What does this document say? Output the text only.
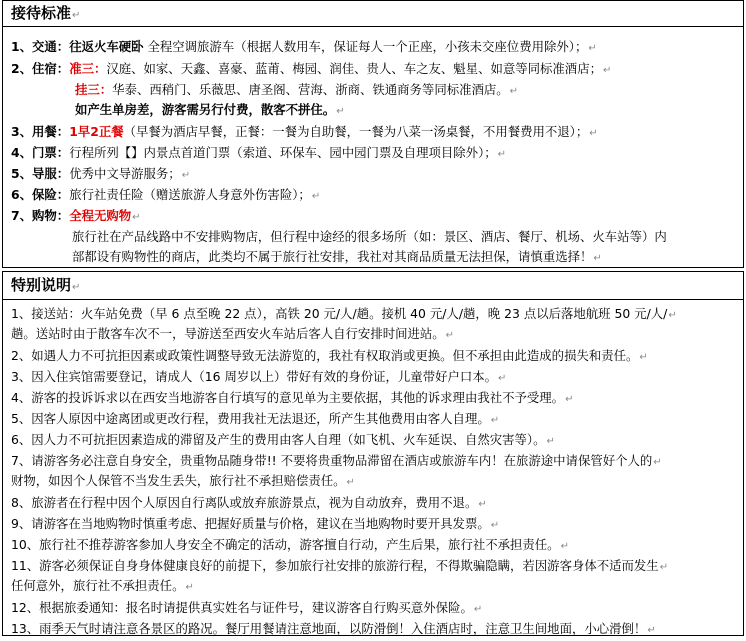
接待标准↵
1、交通：往返火车硬卧 全程空调旅游车（根据人数用车，保证每人一个正座，小孩未交座位费用除外）；↵
2、住宿：准三：汉庭、如家、天鑫、喜豪、蓝莆、梅园、润佳、贵人、车之友、魁星、如意等同标准酒店；↵
挂三：华泰、西稍门、乐薇思、唐圣阁、营海、浙商、铁通商务等同标准酒店。↵
如产生单房差，游客需另行付费，散客不拼住。↵
3、用餐：1早2正餐（早餐为酒店早餐，正餐：一餐为自助餐，一餐为八菜一汤桌餐，不用餐费用不退）；↵
4、门票：行程所列【】内景点首道门票（索道、环保车、园中园门票及自理项目除外）；↵
5、导服：优秀中文导游服务；↵
6、保险：旅行社责任险（赠送旅游人身意外伤害险）；↵
7、购物：全程无购物↵
旅行社在产品线路中不安排购物店，但行程中途经的很多场所（如：景区、酒店、餐厅、机场、火车站等）内
部都设有购物性的商店，此类均不属于旅行社安排，我社对其商品质量无法担保，请慎重选择！↵
特别说明↵
1、接送站：火车站免费（早 6 点至晚 22 点），高铁 20 元/人/趟。接机 40 元/人/趟，晚 23 点以后落地航班 50 元/人/↵
趟。送站时由于散客车次不一，导游送至西安火车站后客人自行安排时间进站。↵
2、如遇人力不可抗拒因素或政策性调整导致无法游览的，我社有权取消或更换。但不承担由此造成的损失和责任。↵
3、因入住宾馆需要登记，请成人（16 周岁以上）带好有效的身份证，儿童带好户口本。↵
4、游客的投诉诉求以在西安当地游客自行填写的意见单为主要依据，其他的诉求理由我社不予受理。↵
5、因客人原因中途离团或更改行程，费用我社无法退还，所产生其他费用由客人自理。↵
6、因人力不可抗拒因素造成的滞留及产生的费用由客人自理（如飞机、火车延误、自然灾害等）。↵
7、请游客务必注意自身安全，贵重物品随身带!! 不要将贵重物品滞留在酒店或旅游车内！在旅游途中请保管好个人的↵
财物，如因个人保管不当发生丢失，旅行社不承担赔偿责任。↵
8、旅游者在行程中因个人原因自行离队或放弃旅游景点，视为自动放弃，费用不退。↵
9、请游客在当地购物时慎重考虑、把握好质量与价格，建议在当地购物时要开具发票。↵
10、旅行社不推荐游客参加人身安全不确定的活动，游客擅自行动，产生后果，旅行社不承担责任。↵
11、游客必须保证自身身体健康良好的前提下，参加旅行社安排的旅游行程，不得欺骗隐瞒，若因游客身体不适而发生↵
任何意外，旅行社不承担责任。↵
12、根据旅委通知：报名时请提供真实姓名与证件号，建议游客自行购买意外保险。↵
13、雨季天气时请注意各景区的路况。餐厅用餐请注意地面，以防滑倒！入住酒店时，注意卫生间地面，小心滑倒！↵
